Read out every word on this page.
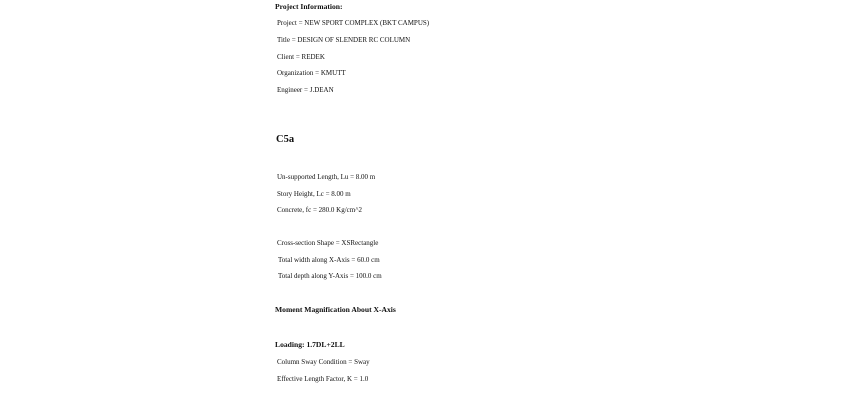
Project Information:
Project = NEW SPORT COMPLEX (BKT CAMPUS)
Title = DESIGN OF SLENDER RC COLUMN
Client = REDEK
Organization = KMUTT
Engineer = J.DEAN
C5a
Un-supported Length, Lu = 8.00 m
Story Height, Lc = 8.00 m
Concrete, fc = 280.0 Kg/cm^2
Cross-section Shape = XSRectangle
Total width along X-Axis = 60.0 cm
Total depth along Y-Axis = 100.0 cm
Moment Magnification About X-Axis
Loading: 1.7DL+2LL
Column Sway Condition = Sway
Effective Length Factor, K = 1.0
